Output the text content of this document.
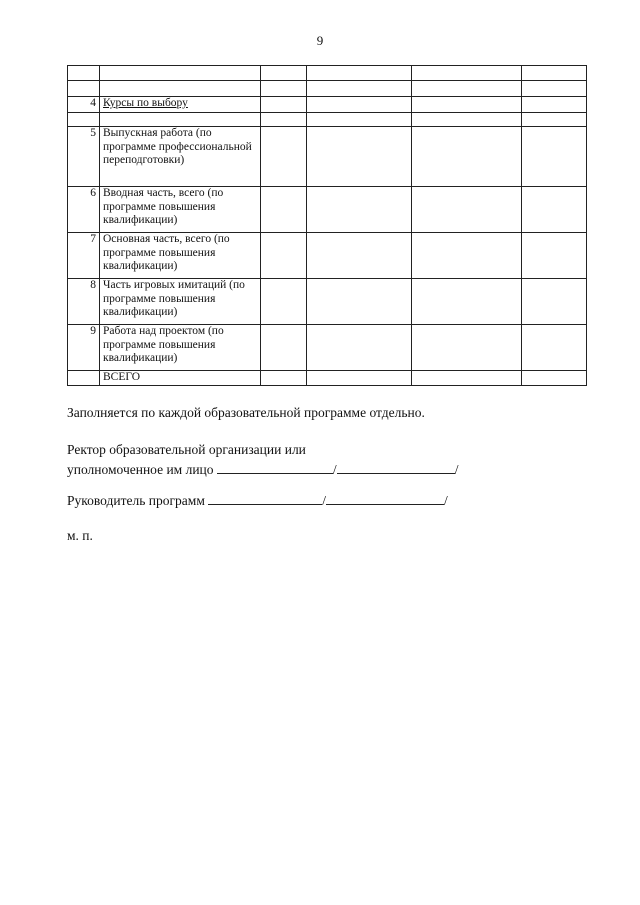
9

4	Курсы по выбору				

5	Выпускная работа (по программе профессиональной переподготовки)				
6	Вводная часть, всего (по программе повышения квалификации)				
7	Основная часть, всего (по программе повышения квалификации)				
8	Часть игровых имитаций (по программе повышения квалификации)				
9	Работа над проектом (по программе повышения квалификации)				
	ВСЕГО				
Заполняется по каждой образовательной программе отдельно.
Ректор образовательной организации или
уполномоченное им лицо	/	/
Руководитель программ	/	/
м. п.
